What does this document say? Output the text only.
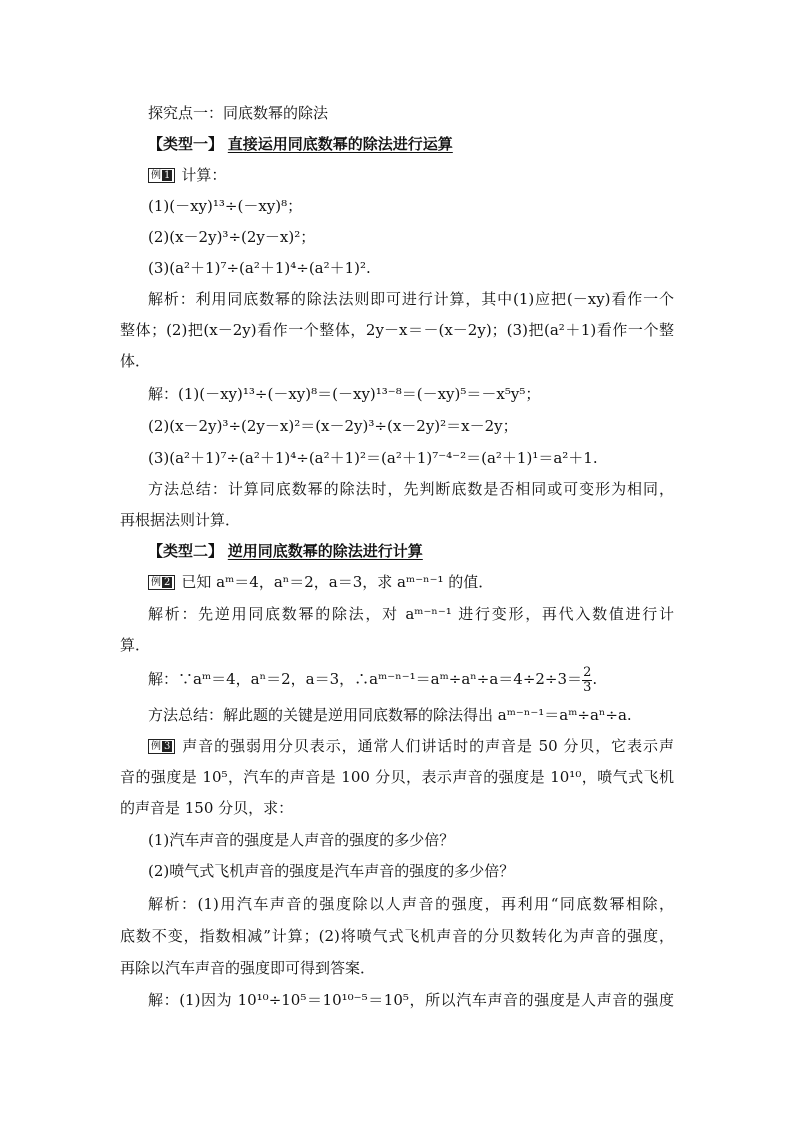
探究点一：同底数幂的除法
【类型一】 直接运用同底数幂的除法进行运算
例 1 计算：
(1)(－xy)¹³÷(－xy)⁸；
(2)(x－2y)³÷(2y－x)²；
(3)(a²＋1)⁷÷(a²＋1)⁴÷(a²＋1)².
解析：利用同底数幂的除法法则即可进行计算，其中(1)应把(－xy)看作一个
整体；(2)把(x－2y)看作一个整体，2y－x＝－(x－2y)；(3)把(a²＋1)看作一个整
体．
解：(1)(－xy)¹³÷(－xy)⁸＝(－xy)¹³⁻⁸＝(－xy)⁵＝－x⁵y⁵；
(2)(x－2y)³÷(2y－x)²＝(x－2y)³÷(x－2y)²＝x－2y；
(3)(a²＋1)⁷÷(a²＋1)⁴÷(a²＋1)²＝(a²＋1)⁷⁻⁴⁻²＝(a²＋1)¹＝a²＋1.
方法总结：计算同底数幂的除法时，先判断底数是否相同或可变形为相同，
再根据法则计算．
【类型二】 逆用同底数幂的除法进行计算
例 2 已知 aᵐ＝4，aⁿ＝2，a＝3，求 aᵐ⁻ⁿ⁻¹ 的值．
解析：先逆用同底数幂的除法，对 aᵐ⁻ⁿ⁻¹ 进行变形，再代入数值进行计
算．
解：∵aᵐ＝4，aⁿ＝2，a＝3，∴aᵐ⁻ⁿ⁻¹＝aᵐ÷aⁿ÷a＝4÷2÷3＝ $\frac{2}{3}$ .
方法总结：解此题的关键是逆用同底数幂的除法得出 aᵐ⁻ⁿ⁻¹＝aᵐ÷aⁿ÷a.
例 3 声音的强弱用分贝表示，通常人们讲话时的声音是 50 分贝，它表示声
音的强度是 10⁵，汽车的声音是 100 分贝，表示声音的强度是 10¹⁰，喷气式飞机
的声音是 150 分贝，求：
(1)汽车声音的强度是人声音的强度的多少倍？
(2)喷气式飞机声音的强度是汽车声音的强度的多少倍？
解析：(1)用汽车声音的强度除以人声音的强度，再利用“同底数幂相除，
底数不变，指数相减”计算；(2)将喷气式飞机声音的分贝数转化为声音的强度，
再除以汽车声音的强度即可得到答案．
解：(1)因为 10¹⁰÷10⁵＝10¹⁰⁻⁵＝10⁵，所以汽车声音的强度是人声音的强度
